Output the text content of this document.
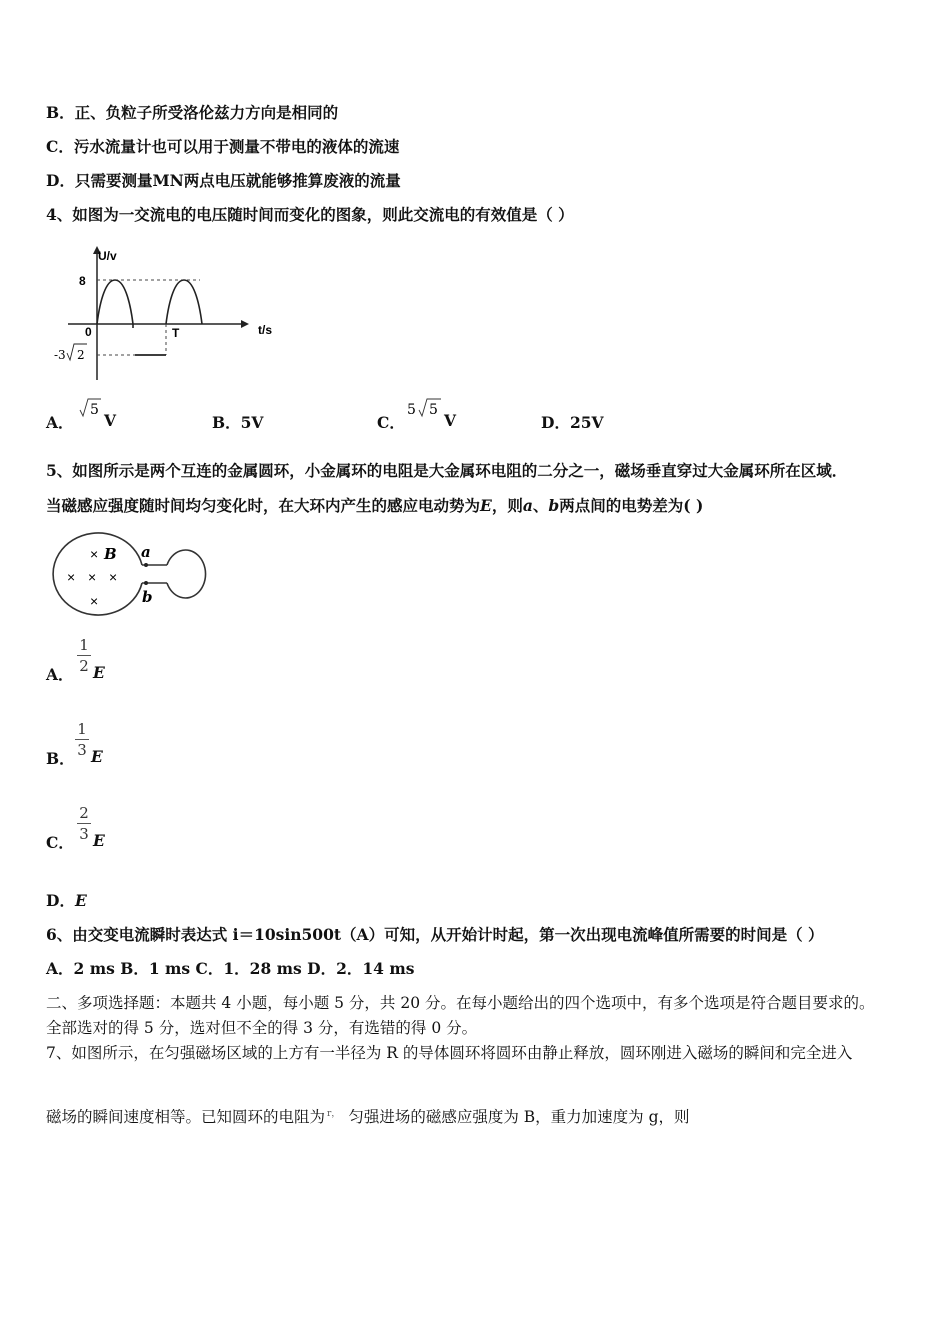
B．正、负粒子所受洛伦兹力方向是相同的
C．污水流量计也可以用于测量不带电的液体的流速
D．只需要测量MN两点电压就能够推算废液的流量
4、如图为一交流电的电压随时间而变化的图象，则此交流电的有效值是（ ）
U/v
t/s
8
0	T
-3 2
A．
5
V	B．5V	C．
5 5
V	D．25V
5、如图所示是两个互连的金属圆环，小金属环的电阻是大金属环电阻的二分之一，磁场垂直穿过大金属环所在区域．
当磁感应强度随时间均匀变化时，在大环内产生的感应电动势为E，则a、b两点间的电势差为( )
a
b
× B
× × ×
×
A．
1
2 E
B．
1
3 E
C．
2
3 E
D．E
6、由交变电流瞬时表达式 i＝10sin500t（A）可知，从开始计时起，第一次出现电流峰值所需要的时间是（ ）
A．2 ms B．1 ms C．1．28 ms D．2．14 ms
二、多项选择题：本题共 4 小题，每小题 5 分，共 20 分。在每小题给出的四个选项中，有多个选项是符合题目要求的。
全部选对的得 5 分，选对但不全的得 3 分，有选错的得 0 分。
7、如图所示，在匀强磁场区域的上方有一半径为 R 的导体圆环将圆环由静止释放，圆环刚进入磁场的瞬间和完全进入
磁场的瞬间速度相等。已知圆环的电阻为 $^{r,}$ 匀强进场的磁感应强度为 B，重力加速度为 g，则
